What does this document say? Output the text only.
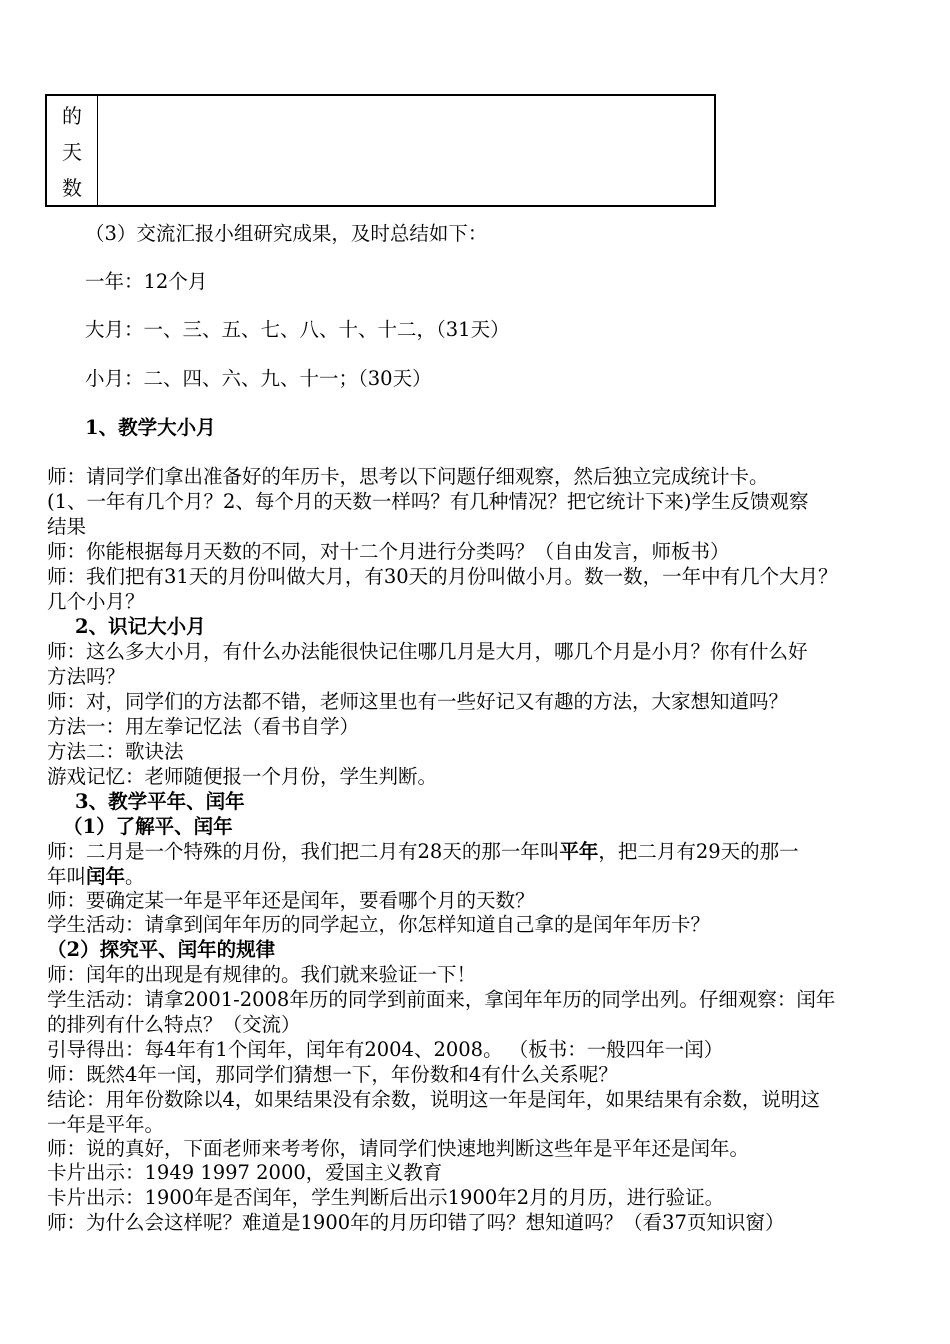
的
天
数
（3）交流汇报小组研究成果，及时总结如下：
一年：12个月
大月：一、三、五、七、八、十、十二，（31天）
小月：二、四、六、九、十一；（30天）
1、教学大小月
师：请同学们拿出准备好的年历卡，思考以下问题仔细观察，然后独立完成统计卡。
(1、一年有几个月？2、每个月的天数一样吗？有几种情况？把它统计下来)学生反馈观察
结果
师：你能根据每月天数的不同，对十二个月进行分类吗？（自由发言，师板书）
师：我们把有31天的月份叫做大月，有30天的月份叫做小月。数一数，一年中有几个大月？
几个小月？
2、识记大小月
师：这么多大小月，有什么办法能很快记住哪几月是大月，哪几个月是小月？你有什么好
方法吗？
师：对，同学们的方法都不错，老师这里也有一些好记又有趣的方法，大家想知道吗？
方法一：用左拳记忆法（看书自学）
方法二：歌诀法
游戏记忆：老师随便报一个月份，学生判断。
3、教学平年、闰年
（1）了解平、闰年
师：二月是一个特殊的月份，我们把二月有28天的那一年叫平年，把二月有29天的那一
年叫闰年。
师：要确定某一年是平年还是闰年，要看哪个月的天数？
学生活动：请拿到闰年年历的同学起立，你怎样知道自己拿的是闰年年历卡？
（2）探究平、闰年的规律
师：闰年的出现是有规律的。我们就来验证一下！
学生活动：请拿2001-2008年历的同学到前面来，拿闰年年历的同学出列。仔细观察：闰年
的排列有什么特点？（交流）
引导得出：每4年有1个闰年，闰年有2004、2008。 （板书：一般四年一闰）
师：既然4年一闰，那同学们猜想一下，年份数和4有什么关系呢？
结论：用年份数除以4，如果结果没有余数，说明这一年是闰年，如果结果有余数，说明这
一年是平年。
师：说的真好，下面老师来考考你，请同学们快速地判断这些年是平年还是闰年。
卡片出示：1949 1997 2000，爱国主义教育
卡片出示：1900年是否闰年，学生判断后出示1900年2月的月历，进行验证。
师：为什么会这样呢？难道是1900年的月历印错了吗？想知道吗？（看37页知识窗）
